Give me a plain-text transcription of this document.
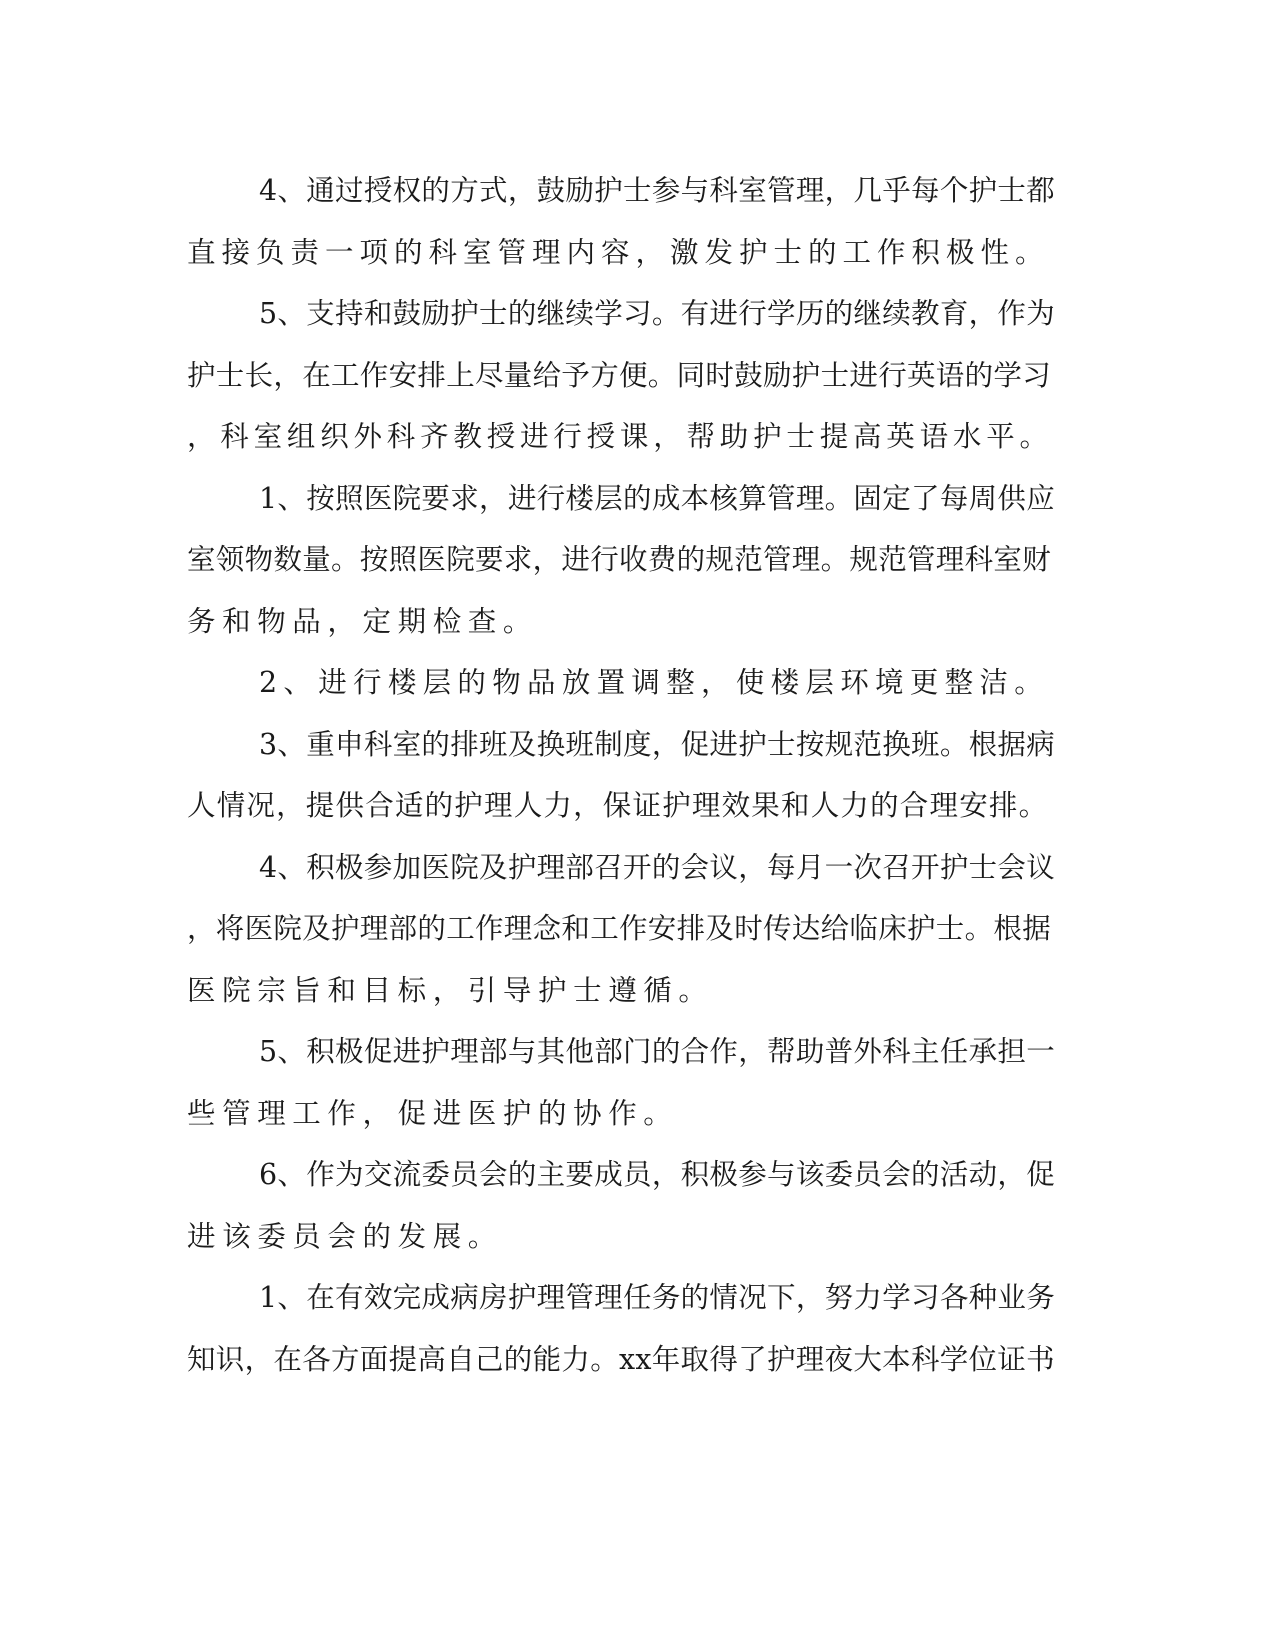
4、通过授权的方式，鼓励护士参与科室管理，几乎每个护士都
直接负责一项的科室管理内容，激发护士的工作积极性。
5、支持和鼓励护士的继续学习。有进行学历的继续教育，作为
护士长，在工作安排上尽量给予方便。同时鼓励护士进行英语的学习
，科室组织外科齐教授进行授课，帮助护士提高英语水平。
1、按照医院要求，进行楼层的成本核算管理。固定了每周供应
室领物数量。按照医院要求，进行收费的规范管理。规范管理科室财
务和物品，定期检查。
2、进行楼层的物品放置调整，使楼层环境更整洁。
3、重申科室的排班及换班制度，促进护士按规范换班。根据病
人情况，提供合适的护理人力，保证护理效果和人力的合理安排。
4、积极参加医院及护理部召开的会议，每月一次召开护士会议
，将医院及护理部的工作理念和工作安排及时传达给临床护士。根据
医院宗旨和目标，引导护士遵循。
5、积极促进护理部与其他部门的合作，帮助普外科主任承担一
些管理工作，促进医护的协作。
6、作为交流委员会的主要成员，积极参与该委员会的活动，促
进该委员会的发展。
1、在有效完成病房护理管理任务的情况下，努力学习各种业务
知识，在各方面提高自己的能力。xx年取得了护理夜大本科学位证书
